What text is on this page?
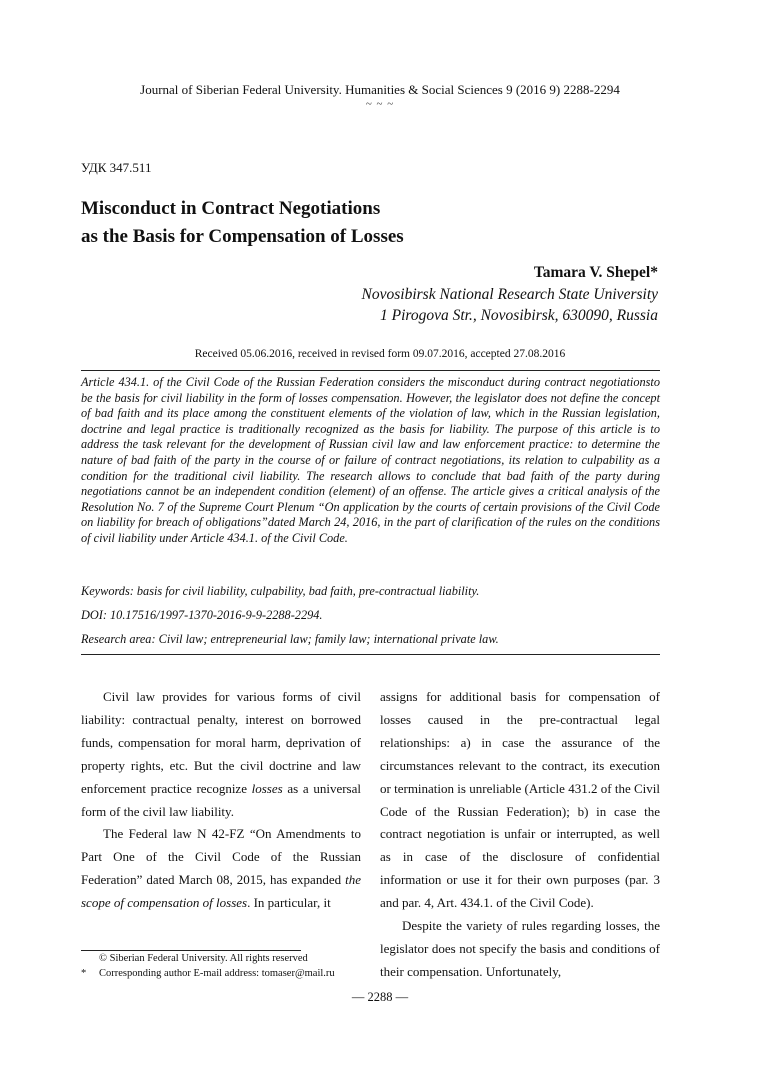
Journal of Siberian Federal University. Humanities & Social Sciences 9 (2016 9) 2288-2294
~ ~ ~
УДК 347.511
Misconduct in Contract Negotiations
as the Basis for Compensation of Losses
Tamara V. Shepel*
Novosibirsk National Research State University
1 Pirogova Str., Novosibirsk, 630090, Russia
Received 05.06.2016, received in revised form 09.07.2016, accepted 27.08.2016
Article 434.1. of the Civil Code of the Russian Federation considers the misconduct during contract negotiationsto be the basis for civil liability in the form of losses compensation. However, the legislator does not define the concept of bad faith and its place among the constituent elements of the violation of law, which in the Russian legislation, doctrine and legal practice is traditionally recognized as the basis for liability. The purpose of this article is to address the task relevant for the development of Russian civil law and law enforcement practice: to determine the nature of bad faith of the party in the course of or failure of contract negotiations, its relation to culpability as a condition for the traditional civil liability. The research allows to conclude that bad faith of the party during negotiations cannot be an independent condition (element) of an offense. The article gives a critical analysis of the Resolution No. 7 of the Supreme Court Plenum “On application by the courts of certain provisions of the Civil Code on liability for breach of obligations”dated March 24, 2016, in the part of clarification of the rules on the conditions of civil liability under Article 434.1. of the Civil Code.
Keywords: basis for civil liability, culpability, bad faith, pre-contractual liability.
DOI: 10.17516/1997-1370-2016-9-9-2288-2294.
Research area: Civil law; entrepreneurial law; family law; international private law.

Civil law provides for various forms of civil liability: contractual penalty, interest on borrowed funds, compensation for moral harm, deprivation of property rights, etc. But the civil doctrine and law enforcement practice recognize losses as a universal form of the civil law liability.

The Federal law N 42-FZ “On Amendments to Part One of the Civil Code of the Russian Federation” dated March 08, 2015, has expanded the scope of compensation of losses. In particular, it

assigns for additional basis for compensation of losses caused in the pre-contractual legal relationships: a) in case the assurance of the circumstances relevant to the contract, its execution or termination is unreliable (Article 431.2 of the Civil Code of the Russian Federation); b) in case the contract negotiation is unfair or interrupted, as well as in case of the disclosure of confidential information or use it for their own purposes (par. 3 and par. 4, Art. 434.1. of the Civil Code).

Despite the variety of rules regarding losses, the legislator does not specify the basis and conditions of their compensation. Unfortunately,

© Siberian Federal University. All rights reserved
* Corresponding author E-mail address: tomaser@mail.ru
— 2288 —
